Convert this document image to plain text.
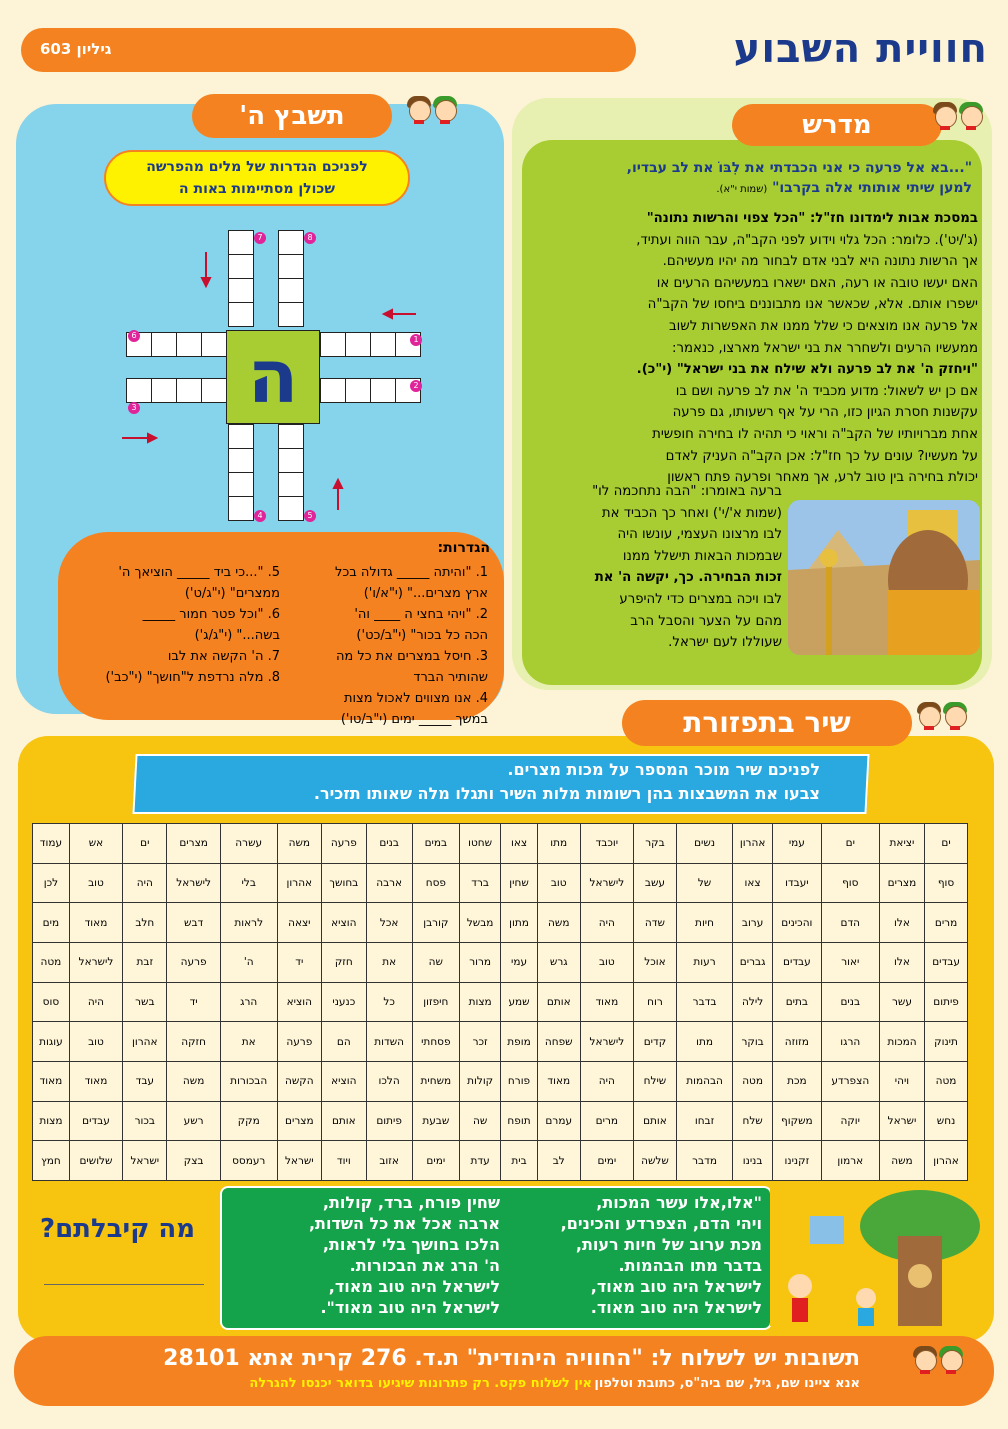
גיליון 603	חוויית השבוע
מדרש
"...בא אל פרעה כי אני הכבדתי את לִבּוֹ את לב עבדיו,
למען שיתי אותותי אלה בקרבו" (שמות י"א).
במסכת אבות לימדונו חז"ל: "הכל צפוי והרשות נתונה"
(ג'/יט'). כלומר: הכל גלוי וידוע לפני הקב"ה, עבר הווה ועתיד,
אך הרשות נתונה היא לבני אדם לבחור מה יהיו מעשיהם.
האם יעשו טובה או רעה, האם ישארו במעשיהם הרעים או
ישפרו אותם. אלא, שכאשר אנו מתבוננים ביחסו של הקב"ה
אל פרעה אנו מוצאים כי שלל ממנו את האפשרות לשוב
ממעשיו הרעים ולשחרר את בני ישראל מארצו, כנאמר:
"ויחזק ה' את לב פרעה ולא שילח את בני ישראל" (י"כ).
אם כן יש לשאול: מדוע מכביד ה' את לב פרעה ושם בו
עקשנות חסרת הגיון כזו, הרי על אף רשעותו, גם פרעה
אחת מברויותיו של הקב"ה וראוי כי תהיה לו בחירה חופשית
על מעשיו? עונים על כך חז"ל: אכן הקב"ה העניק לאדם
יכולת בחירה בין טוב לרע, אך מאחר ופרעה פתח ראשון
ברעה באומרו: "הבה נתחכמה לו"
(שמות א'/י') ואחר כך הכביד את
לבו מרצונו העצמי, עונשו היה
שבמכות הבאות תישלל ממנו
זכות הבחירה. כך, יקשה ה' את
לבו ויכה במצרים כדי להיפרע
מהם על הצער והסבל הרב
שעוללו לעם ישראל.
תשבץ ה'
לפניכם הגדרות של מלים מהפרשה
שכולן מסתיימות באות ה
1
2
3
4	5
6
7	8
ה
הגדרות:
1. "והיתה _____ גדולה בכל
ארץ מצרים..." (י"א/ו')
2. "ויהי בחצי ה ____ וה'
הכה כל בכור" (י"ב/כט')
3. חיסל במצרים את כל מה
שהותיר הברד
4. אנו מצווים לאכול מצות
במשך _____ ימים (י"ב/טו')
5. "...כי ביד _____ הוציאך ה'
ממצרים" (י"ג/ט')
6. "וכל פטר חמור _____
בשה..." (י"ג/ג')
7. ה' הקשה את לבו
8. מלה נרדפת ל"חושך" (י"כב')
שיר בתפזורת
לפניכם שיר מוכר המספר על מכות מצרים.
צבעו את המשבצות בהן רשומות מלות השיר ותגלו מלה שאותו תזכיר.
ים	יציאת	ים	עמי	אהרון	נשים	בקר	יוכבד	מתו	צאו	שחטו	במים	בנים	פרעה	משה	עשרה	מצרים	ים	אש	עמוד
סוף	מצרים	סוף	יעבדו	צאו	של	עשב	לישראל	טוב	שחין	ברד	פסח	ארבה	בחושך	אהרון	בלי	לישראל	היה	טוב	לכן
מרים	אלו	הדם	והכינים	ערוב	חיות	שדה	היה	משה	מתון	מבשל	קורבן	אכל	הוציא	יצאה	לראות	דבש	חלב	מאוד	מים
עבדים	אלו	יאור	עבדים	גברים	רעות	אוכל	טוב	גרש	עמי	מרור	שה	את	חזק	יד	ה'	פרעה	זבת	לישראל	מטה
פיתום	עשר	בנים	בתים	לילה	בדבר	רוח	מאוד	אותם	שמע	מצות	חיפזון	כל	כנעני	הוציא	הרג	יד	בשר	היה	סוס
תינוק	המכות	הרגו	מזוזה	בוקר	מתו	קדים	לישראל	שפחה	מופת	זכר	פסחתי	השדות	הם	פרעה	את	חזקה	אהרון	טוב	עוגות
מטה	ויהי	הצפרדע	מכת	מטה	הבהמות	שילח	היה	מאוד	פורח	קולות	משחית	הלכו	הוציא	הקשה	הבכורות	משה	עבד	מאוד	מאוד
נחש	ישראל	יוקה	משקוף	שלח	זבחו	אותם	מרים	עמרם	תופח	שה	שבעת	פיתום	אותם	מצרים	מקק	רשע	בכור	עבדים	מצות
אהרון	משה	ארמון	זקנינו	בנינו	מדבר	שלשה	ימים	לב	בית	עדת	ימים	אזוב	ויוד	ישראל	רעמסס	בצק	ישראל	שלושים	חמץ
מה קיבלתם?
"אלו,אלו עשר המכות,
ויהי הדם, הצפרדע והכינים,
מכת ערוב של חיות רעות,
בדבר מתו הבהמות.
לישראל היה טוב מאוד,
לישראל היה טוב מאוד.
שחין פורח, ברד, קולות,
ארבה אכל את כל השדות,
הלכו בחושך בלי לראות,
ה' הרג את הבכורות.
לישראל היה טוב מאוד,
לישראל היה טוב מאוד".
תשובות יש לשלוח ל: "החוויה היהודית" ת.ד. 276 קרית אתא 28101
אנא ציינו שם, גיל, שם ביה"ס, כתובת וטלפון
אין לשלוח פקס. רק פתרונות שיגיעו בדואר יכנסו להגרלה
